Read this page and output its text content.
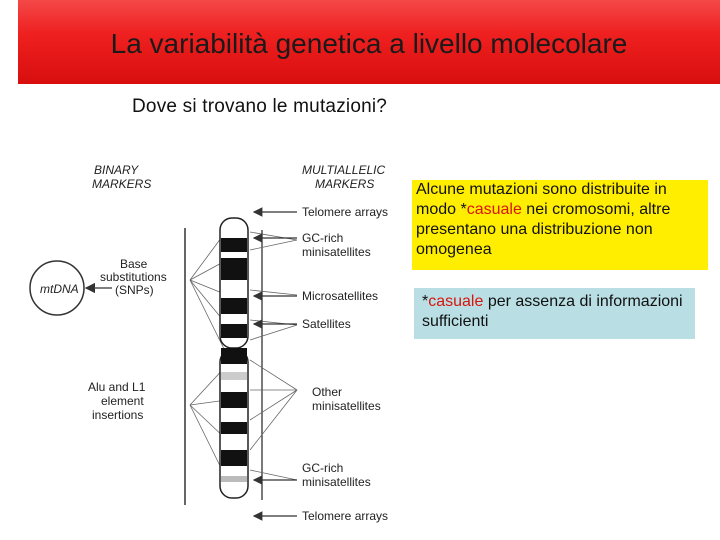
La variabilità genetica a livello molecolare
Dove si trovano le mutazioni?
BINARY
MARKERS
MULTIALLELIC
MARKERS
mtDNA
Base
substitutions
(SNPs)
Alu and L1
element
insertions
Telomere arrays
GC-rich
minisatellites
Microsatellites
Satellites
Other
minisatellites
GC-rich
minisatellites
Telomere arrays
Alcune mutazioni sono distribuite in modo *casuale nei cromosomi, altre presentano una distribuzione non omogenea
*casuale per assenza di informazioni sufficienti
